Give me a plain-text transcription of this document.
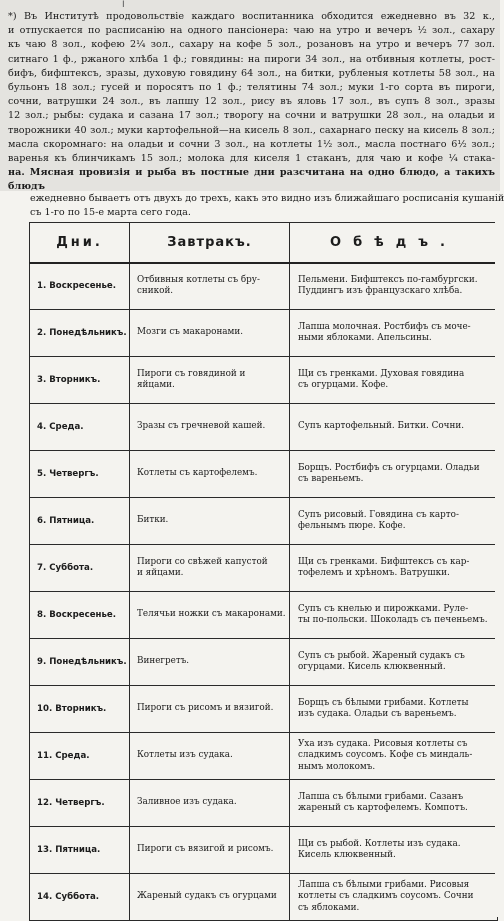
I
*) Въ Институтѣ продовольствіе каждаго воспитанника обходится ежедневно въ 32 к.,
и отпускается по расписанію на одного пансіонера: чаю на утро и вечеръ ½ зол., сахару
къ чаю 8 зол., кофею 2¼ зол., сахару на кофе 5 зол., розановъ на утро и вечеръ 77 зол.
ситнаго 1 ф., ржаного хлѣба 1 ф.; говядины: на пироги 34 зол., на отбивныя котлеты, рост-
бифъ, бифштексъ, зразы, духовую говядину 64 зол., на битки, рубленыя котлеты 58 зол., на
бульонъ 18 зол.; гусей и поросятъ по 1 ф.; телятины 74 зол.; муки 1-го сорта въ пироги,
сочни, ватрушки 24 зол., въ лапшу 12 зол., рису въ яловь 17 зол., въ супъ 8 зол., зразы
12 зол.; рыбы: судака и сазана 17 зол.; творогу на сочни и ватрушки 28 зол., на оладьи и
творожники 40 зол.; муки картофельной—на кисель 8 зол., сахарнаго песку на кисель 8 зол.;
масла скоромнаго: на оладьи и сочни 3 зол., на котлеты 1½ зол., масла постнаго 6½ зол.;
варенья къ блинчикамъ 15 зол.; молока для киселя 1 стаканъ, для чаю и кофе ¼ стака-
на. Мясная провизія и рыба въ постные дни разсчитана на одно блюдо, а такихъ блюдъ
ежедневно бываетъ отъ двухъ до трехъ, какъ это видно изъ ближайшаго росписанія кушаній
съ 1-го по 15-е марта сего года.
Дни.	Завтракъ.	Обѣдъ.
1. Воскресенье.	Отбивныя котлеты съ бру-
сникой.	Пельмени. Бифштексъ по-гамбургски.
Пуддингъ изъ французскаго хлѣба.

2. Понедѣльникъ.	Мозги съ макаронами.	Лапша молочная. Ростбифъ съ моче-
ными яблоками. Апельсины.

3. Вторникъ.	Пироги съ говядиной и
яйцами.	Щи съ гренками. Духовая говядина
съ огурцами. Кофе.

4. Среда.	Зразы съ гречневой кашей.	Супъ картофельный. Битки. Сочни.

5. Четвергъ.	Котлеты съ картофелемъ.	Борщъ. Ростбифъ съ огурцами. Оладьи
съ вареньемъ.

6. Пятница.	Битки.	Супъ рисовый. Говядина съ карто-
фельнымъ пюре. Кофе.

7. Суббота.	Пироги со свѣжей капустой
и яйцами.	Щи съ гренками. Бифштексъ съ кар-
тофелемъ и хрѣномъ. Ватрушки.

8. Воскресенье.	Телячьи ножки съ макаронами.	Супъ съ кнелью и пирожками. Руле-
ты по-польски. Шоколадъ съ печеньемъ.

9. Понедѣльникъ.	Винегретъ.	Супъ съ рыбой. Жареный судакъ съ
огурцами. Кисель клюквенный.

10. Вторникъ.	Пироги съ рисомъ и вязигой.	Борщъ съ бѣлыми грибами. Котлеты
изъ судака. Оладьи съ вареньемъ.

11. Среда.	Котлеты изъ судака.	Уха изъ судака. Рисовыя котлеты съ
сладкимъ соусомъ. Кофе съ миндаль-
нымъ молокомъ.

12. Четвергъ.	Заливное изъ судака.	Лапша съ бѣлыми грибами. Сазанъ
жареный съ картофелемъ. Компотъ.

13. Пятница.	Пироги съ вязигой и рисомъ.	Щи съ рыбой. Котлеты изъ судака.
Кисель клюквенный.

14. Суббота.	Жареный судакъ съ огурцами	Лапша съ бѣлыми грибами. Рисовыя
котлеты съ сладкимъ соусомъ. Сочни
съ яблоками.
